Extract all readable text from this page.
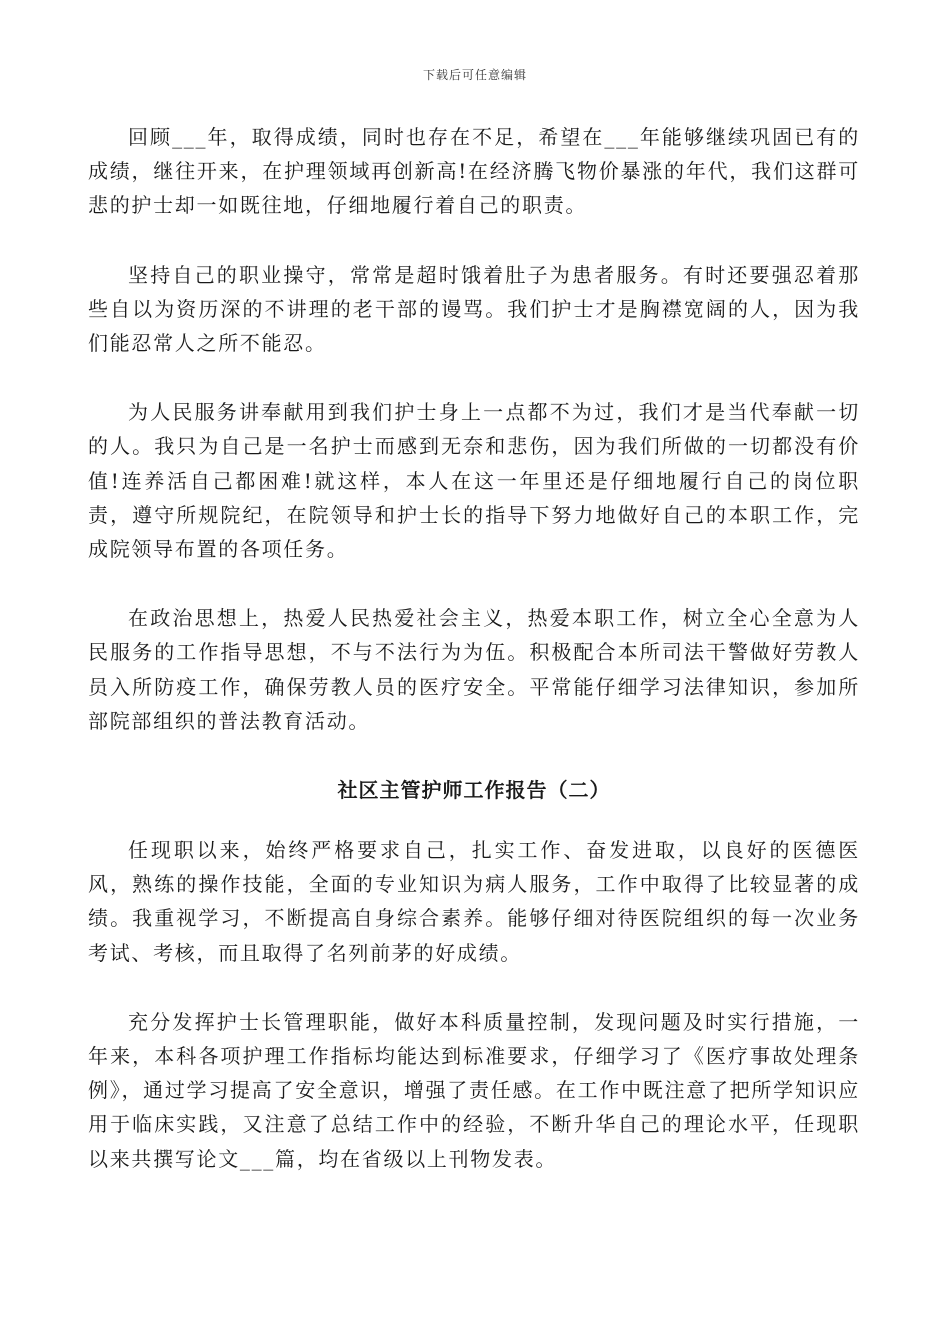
下载后可任意编辑

回顾___年，取得成绩，同时也存在不足，希望在___年能够继续巩固已有的成绩，继往开来，在护理领域再创新高!在经济腾飞物价暴涨的年代，我们这群可悲的护士却一如既往地，仔细地履行着自己的职责。

坚持自己的职业操守，常常是超时饿着肚子为患者服务。有时还要强忍着那些自以为资历深的不讲理的老干部的谩骂。我们护士才是胸襟宽阔的人，因为我们能忍常人之所不能忍。

为人民服务讲奉献用到我们护士身上一点都不为过，我们才是当代奉献一切的人。我只为自己是一名护士而感到无奈和悲伤，因为我们所做的一切都没有价值!连养活自己都困难!就这样，本人在这一年里还是仔细地履行自己的岗位职责，遵守所规院纪，在院领导和护士长的指导下努力地做好自己的本职工作，完成院领导布置的各项任务。

在政治思想上，热爱人民热爱社会主义，热爱本职工作，树立全心全意为人民服务的工作指导思想，不与不法行为为伍。积极配合本所司法干警做好劳教人员入所防疫工作，确保劳教人员的医疗安全。平常能仔细学习法律知识，参加所部院部组织的普法教育活动。

社区主管护师工作报告（二）

任现职以来，始终严格要求自己，扎实工作、奋发进取，以良好的医德医风，熟练的操作技能，全面的专业知识为病人服务，工作中取得了比较显著的成绩。我重视学习，不断提高自身综合素养。能够仔细对待医院组织的每一次业务考试、考核，而且取得了名列前茅的好成绩。

充分发挥护士长管理职能，做好本科质量控制，发现问题及时实行措施，一年来，本科各项护理工作指标均能达到标准要求，仔细学习了《医疗事故处理条例》，通过学习提高了安全意识，增强了责任感。在工作中既注意了把所学知识应用于临床实践，又注意了总结工作中的经验，不断升华自己的理论水平，任现职以来共撰写论文___篇，均在省级以上刊物发表。
